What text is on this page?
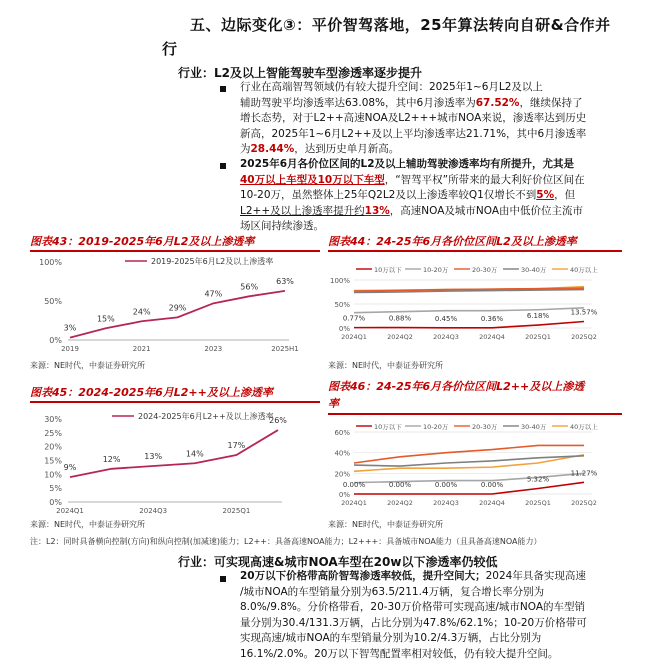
五、边际变化③：平价智驾落地，25年算法转向自研&合作并
行
行业：L2及以上智能驾驶车型渗透率逐步提升
行业在高端智驾领域仍有较大提升空间：2025年1~6月L2及以上
辅助驾驶平均渗透率达63.08%，其中6月渗透率为67.52%，继续保持了
增长态势，对于L2++高速NOA及L2+++城市NOA来说，渗透率达到历史
新高，2025年1~6月L2++及以上平均渗透率达21.71%，其中6月渗透率
为28.44%，达到历史单月新高。
2025年6月各价位区间的L2及以上辅助驾驶渗透率均有所提升，尤其是
40万以上车型及10万以下车型，“智驾平权”所带来的最大利好价位区间在
10-20万，虽然整体上25年Q2L2及以上渗透率较Q1仅增长不到5%，但
L2++及以上渗透率提升约13%，高速NOA及城市NOA由中低价位主流市
场区间持续渗透。
图表43：2019-2025年6月L2及以上渗透率	图表44：24-25年6月各价位区间L2及以上渗透率
2019-2025年6月L2及以上渗透率
0%
50%
100%
2019	2021	2023	2025H1
3%
15%
24% 29%
47%
56%
63%
10万以下	10-20万	20-30万	30-40万	40万以上
0%
50%
100%
2024Q1	2024Q2	2024Q3	2024Q4	2025Q1	2025Q2
0.77%	0.88%	0.45%	0.36%	6.18%	13.57%
来源：NE时代，中泰证券研究所	来源：NE时代，中泰证券研究所
图表45：2024-2025年6月L2++及以上渗透率	图表46：24-25年6月各价位区间L2++及以上渗透
率
2024-2025年6月L2++及以上渗透率
0%
5%
10%
15%
20%
25%
30%
2024Q1	2024Q3	2025Q1
9%
12%	13%	14%
17%
26%
10万以下	10-20万	20-30万	30-40万	40万以上
0%
20%
40%
60%
2024Q1	2024Q2	2024Q3	2024Q4	2025Q1	2025Q2
0.00%	0.00%	0.00%	0.00%
5.32%
11.27%
来源：NE时代，中泰证券研究所	来源：NE时代，中泰证券研究所
注：L2：同时具备横向控制(方向)和纵向控制(加减速)能力；L2++：具备高速NOA能力；L2+++：具备城市NOA能力（且具备高速NOA能力）
行业：可实现高速&城市NOA车型在20w以下渗透率仍较低
20万以下价格带高阶智驾渗透率较低，提升空间大；2024年具备实现高速
/城市NOA的车型销量分别为63.5/211.4万辆，复合增长率分别为
8.0%/9.8%。分价格带看，20-30万价格带可实现高速/城市NOA的车型销
量分别为30.4/131.3万辆，占比分别为47.8%/62.1%；10-20万价格带可
实现高速/城市NOA的车型销量分别为10.2/4.3万辆，占比分别为
16.1%/2.0%。20万以下智驾配置率相对较低，仍有较大提升空间。
